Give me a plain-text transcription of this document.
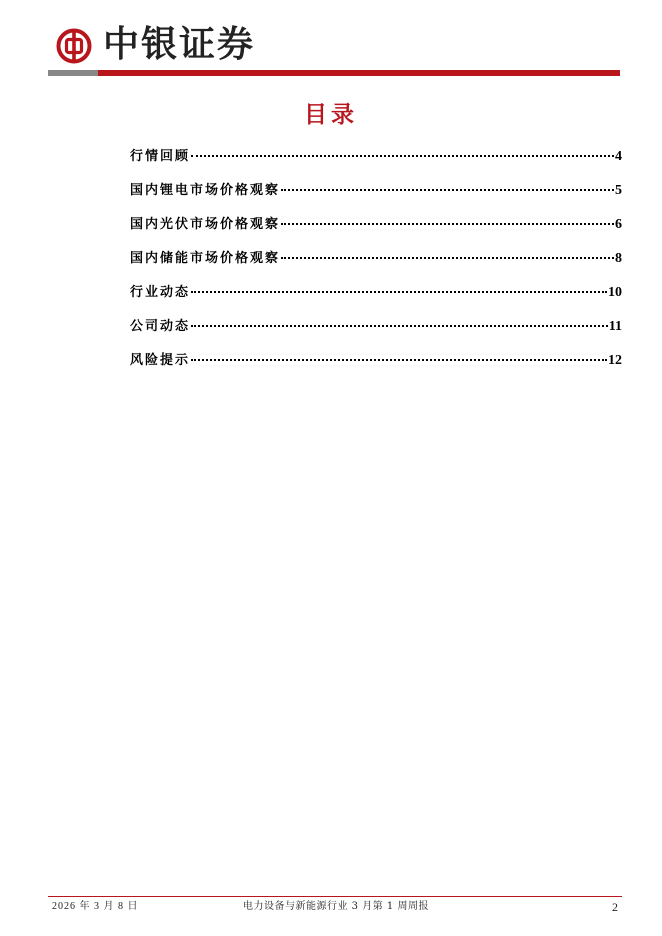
中银证券
目录
行情回顾	4
国内锂电市场价格观察	5
国内光伏市场价格观察	6
国内储能市场价格观察	8
行业动态	10
公司动态	11
风险提示	12
2026 年 3 月 8 日	电力设备与新能源行业 3 月第 1 周周报	2
